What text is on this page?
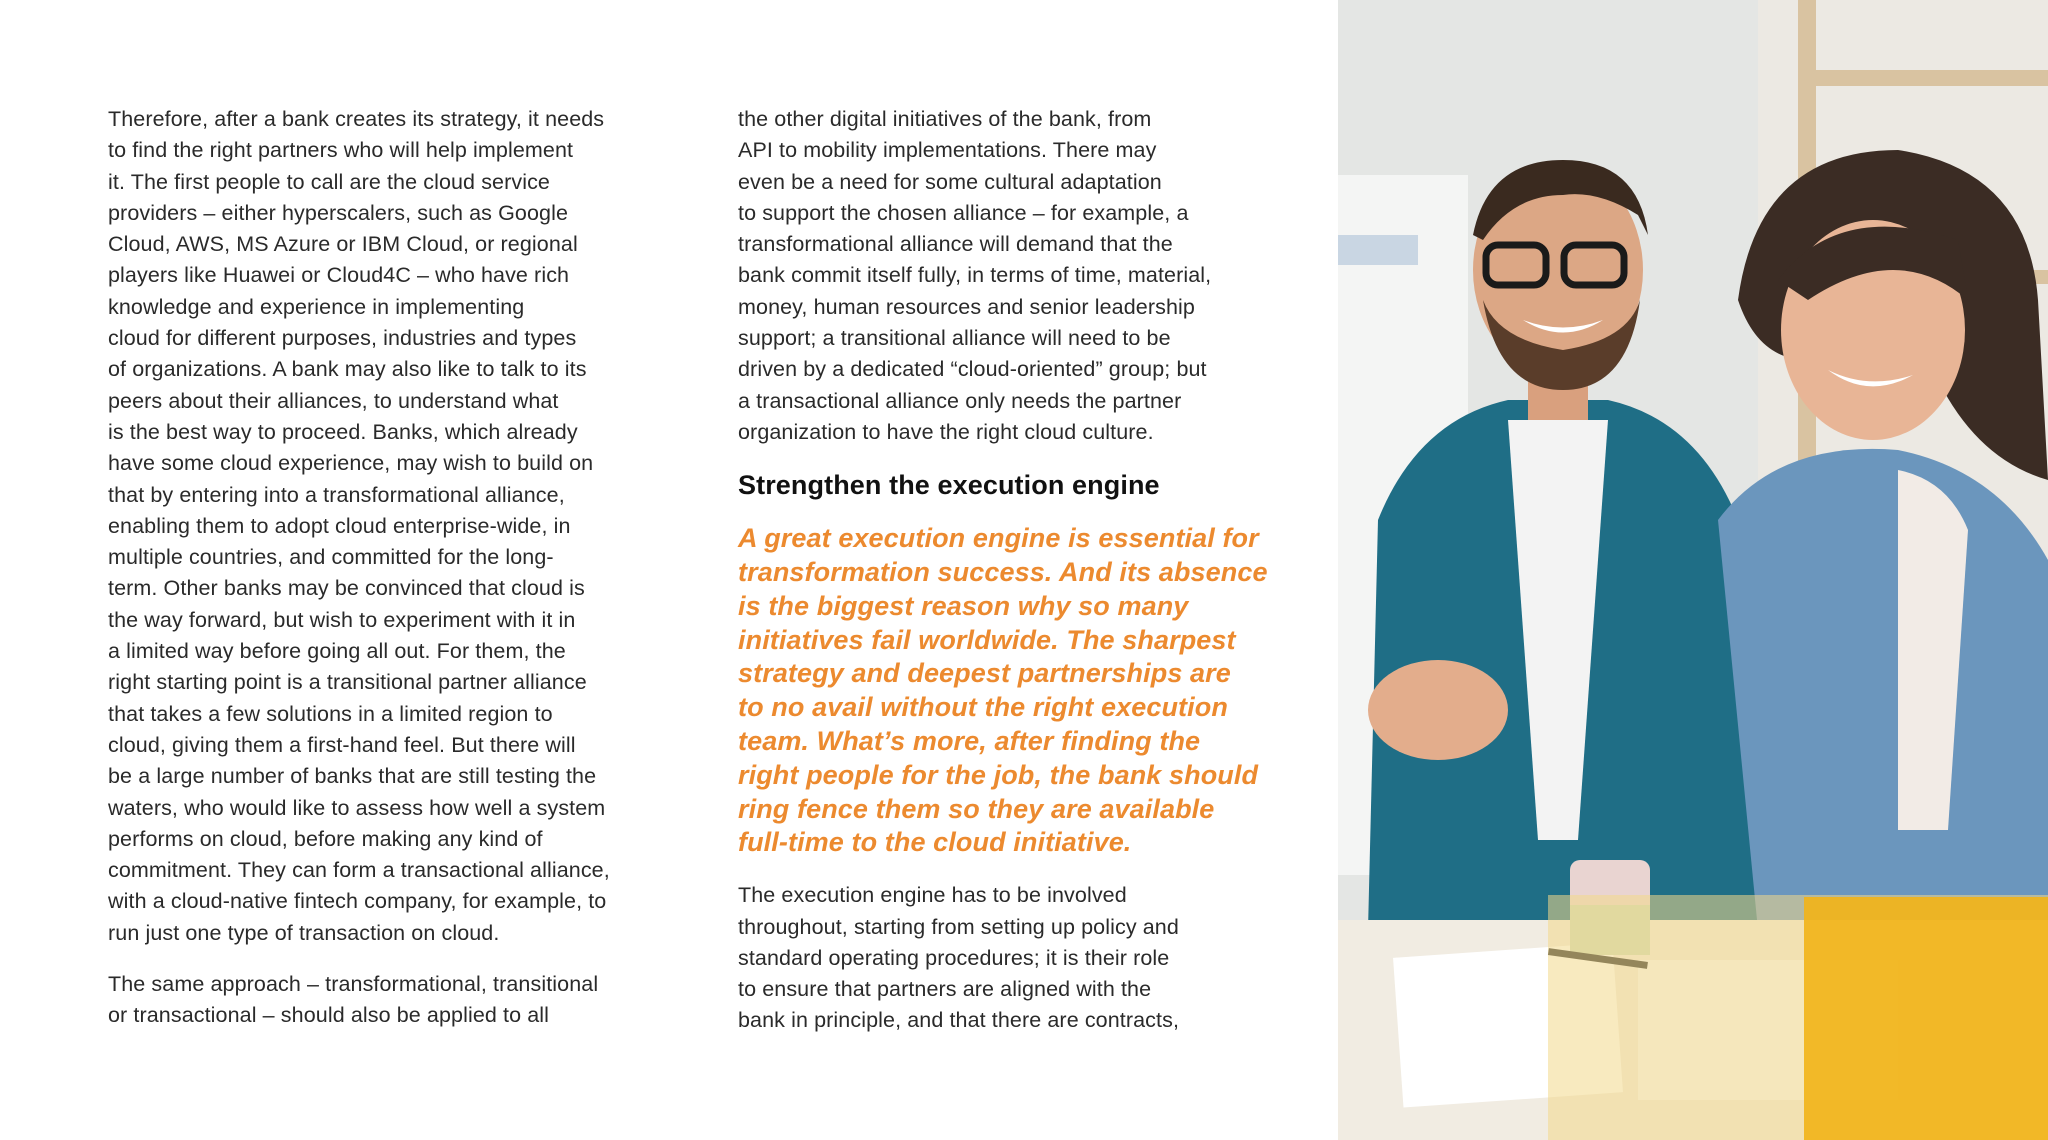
Therefore, after a bank creates its strategy, it needs
to find the right partners who will help implement
it. The first people to call are the cloud service
providers – either hyperscalers, such as Google
Cloud, AWS, MS Azure or IBM Cloud, or regional
players like Huawei or Cloud4C – who have rich
knowledge and experience in implementing
cloud for different purposes, industries and types
of organizations. A bank may also like to talk to its
peers about their alliances, to understand what
is the best way to proceed. Banks, which already
have some cloud experience, may wish to build on
that by entering into a transformational alliance,
enabling them to adopt cloud enterprise-wide, in
multiple countries, and committed for the long-
term. Other banks may be convinced that cloud is
the way forward, but wish to experiment with it in
a limited way before going all out. For them, the
right starting point is a transitional partner alliance
that takes a few solutions in a limited region to
cloud, giving them a first-hand feel. But there will
be a large number of banks that are still testing the
waters, who would like to assess how well a system
performs on cloud, before making any kind of
commitment. They can form a transactional alliance,
with a cloud-native fintech company, for example, to
run just one type of transaction on cloud.

The same approach – transformational, transitional
or transactional – should also be applied to all

the other digital initiatives of the bank, from
API to mobility implementations. There may
even be a need for some cultural adaptation
to support the chosen alliance – for example, a
transformational alliance will demand that the
bank commit itself fully, in terms of time, material,
money, human resources and senior leadership
support; a transitional alliance will need to be
driven by a dedicated “cloud-oriented” group; but
a transactional alliance only needs the partner
organization to have the right cloud culture.

Strengthen the execution engine
A great execution engine is essential for
transformation success. And its absence
is the biggest reason why so many
initiatives fail worldwide. The sharpest
strategy and deepest partnerships are
to no avail without the right execution
team. What’s more, after finding the
right people for the job, the bank should
ring fence them so they are available
full-time to the cloud initiative.

The execution engine has to be involved
throughout, starting from setting up policy and
standard operating procedures; it is their role
to ensure that partners are aligned with the
bank in principle, and that there are contracts,
